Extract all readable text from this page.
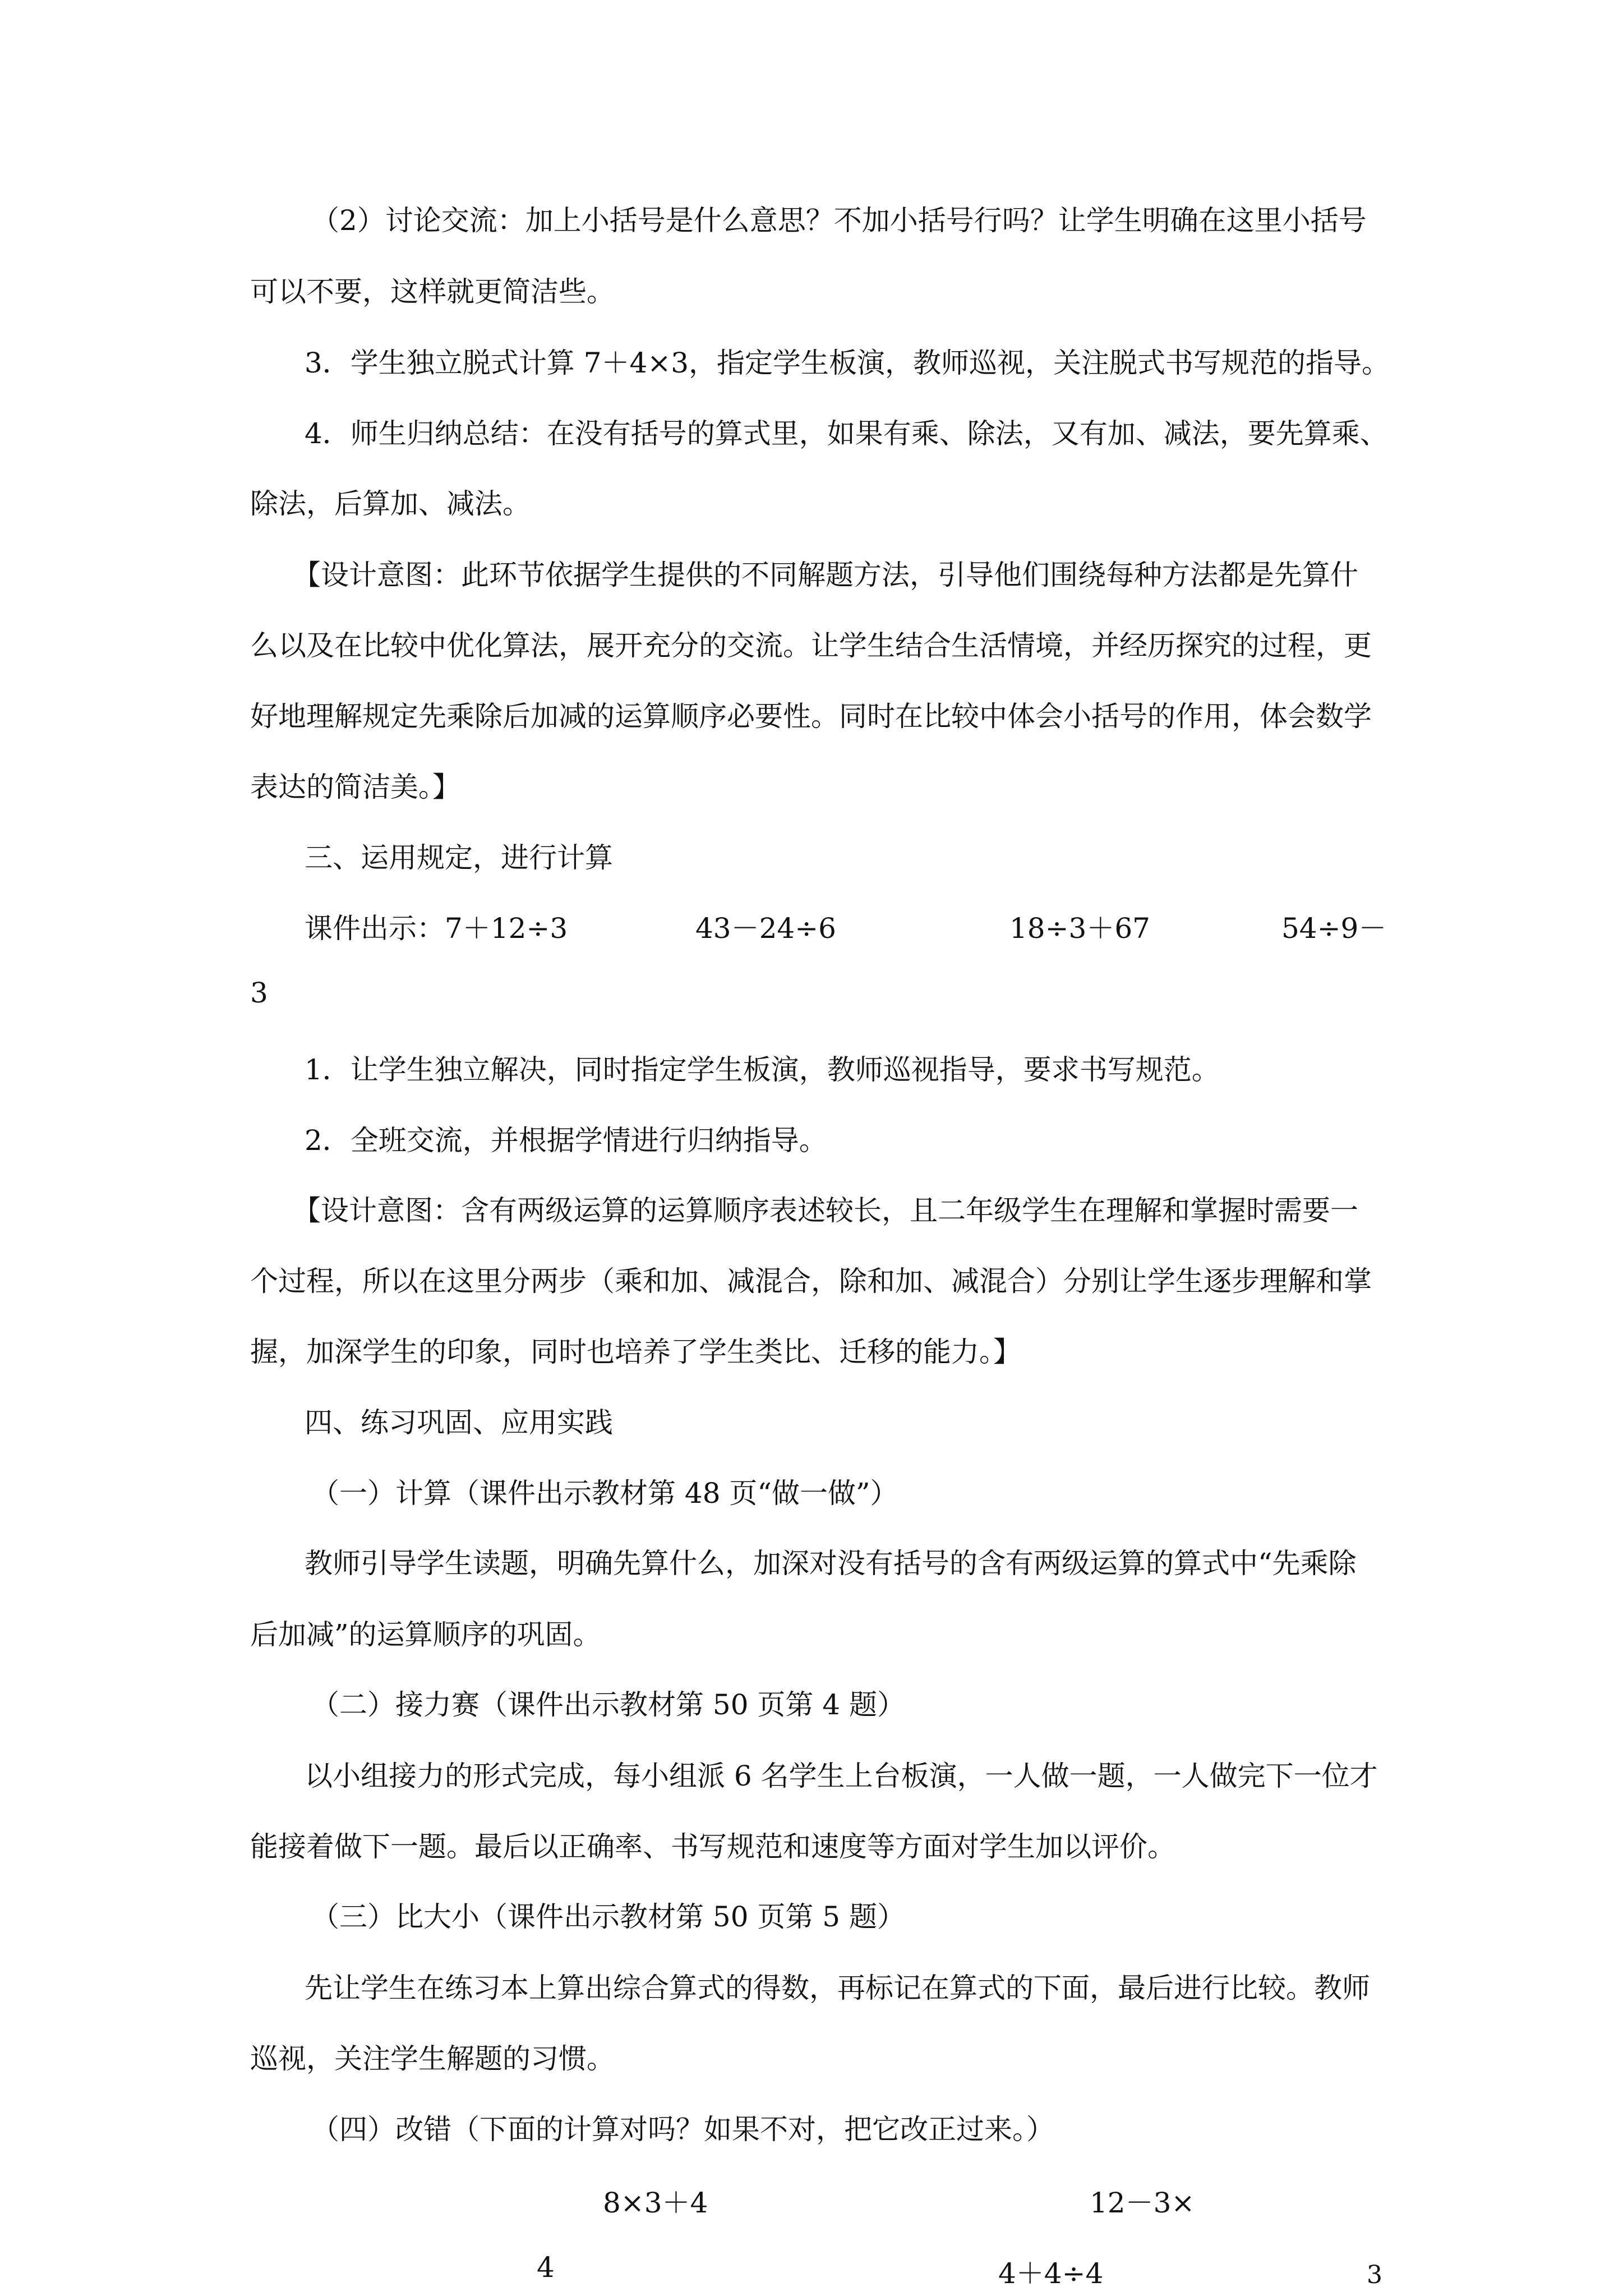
（2）讨论交流：加上小括号是什么意思？不加小括号行吗？让学生明确在这里小括号
可以不要，这样就更简洁些。
3．学生独立脱式计算 7＋4×3，指定学生板演，教师巡视，关注脱式书写规范的指导。
4．师生归纳总结：在没有括号的算式里，如果有乘、除法，又有加、减法，要先算乘、
除法，后算加、减法。
【设计意图：此环节依据学生提供的不同解题方法，引导他们围绕每种方法都是先算什
么以及在比较中优化算法，展开充分的交流。让学生结合生活情境，并经历探究的过程，更
好地理解规定先乘除后加减的运算顺序必要性。同时在比较中体会小括号的作用，体会数学
表达的简洁美。】
三、运用规定，进行计算
课件出示：7＋12÷3	43－24÷6	18÷3＋67	54÷9－
3
1．让学生独立解决，同时指定学生板演，教师巡视指导，要求书写规范。
2．全班交流，并根据学情进行归纳指导。
【设计意图：含有两级运算的运算顺序表述较长，且二年级学生在理解和掌握时需要一
个过程，所以在这里分两步（乘和加、减混合，除和加、减混合）分别让学生逐步理解和掌
握，加深学生的印象，同时也培养了学生类比、迁移的能力。】
四、练习巩固、应用实践
（一）计算（课件出示教材第 48 页“做一做”）
教师引导学生读题，明确先算什么，加深对没有括号的含有两级运算的算式中“先乘除
后加减”的运算顺序的巩固。
（二）接力赛（课件出示教材第 50 页第 4 题）
以小组接力的形式完成，每小组派 6 名学生上台板演，一人做一题，一人做完下一位才
能接着做下一题。最后以正确率、书写规范和速度等方面对学生加以评价。
（三）比大小（课件出示教材第 50 页第 5 题）
先让学生在练习本上算出综合算式的得数，再标记在算式的下面，最后进行比较。教师
巡视，关注学生解题的习惯。
（四）改错（下面的计算对吗？如果不对，把它改正过来。）
8×3＋4	12－3×
4	4＋4÷4	3
